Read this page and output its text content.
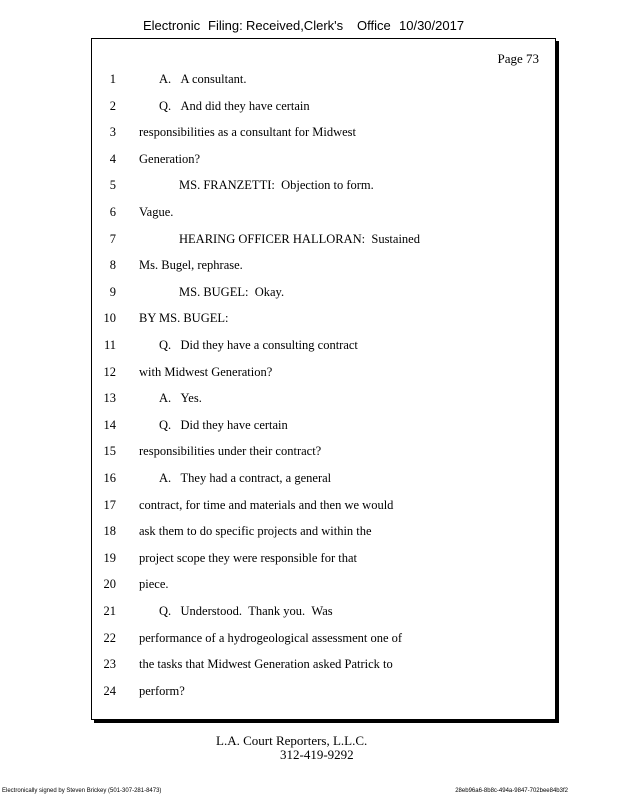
Electronic Filing: Received,Clerk's Office 10/30/2017
Page 73
1	A.   A consultant.
2	Q.   And did they have certain
3 responsibilities as a consultant for Midwest
4 Generation?
5	MS. FRANZETTI:  Objection to form.
6 Vague.
7	HEARING OFFICER HALLORAN:  Sustained
8 Ms. Bugel, rephrase.
9	MS. BUGEL:  Okay.
10 BY MS. BUGEL:
11	Q.   Did they have a consulting contract
12 with Midwest Generation?
13	A.   Yes.
14	Q.   Did they have certain
15 responsibilities under their contract?
16	A.   They had a contract, a general
17 contract, for time and materials and then we would
18 ask them to do specific projects and within the
19 project scope they were responsible for that
20 piece.
21	Q.   Understood.  Thank you.  Was
22 performance of a hydrogeological assessment one of
23 the tasks that Midwest Generation asked Patrick to
24 perform?
L.A. Court Reporters, L.L.C.
312-419-9292
Electronically signed by Steven Brickey (501-307-281-8473)	28eb96a6-8b8c-494a-9847-702bee84b3f2
